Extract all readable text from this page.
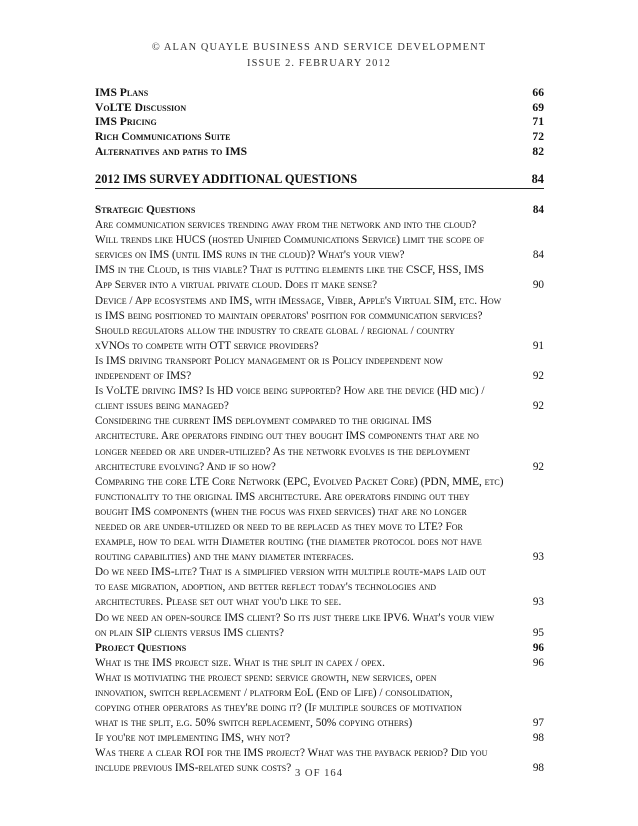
© ALAN QUAYLE BUSINESS AND SERVICE DEVELOPMENT
ISSUE 2. FEBRUARY 2012
IMS Plans	66
VoLTE Discussion	69
IMS Pricing	71
Rich Communications Suite	72
Alternatives and paths to IMS	82
2012 IMS SURVEY ADDITIONAL QUESTIONS	84
Strategic Questions	84
Are communication services trending away from the network and into the cloud?
Will trends like HUCS (hosted Unified Communications Service) limit the scope of
services on IMS (until IMS runs in the cloud)? What's your view?	84
IMS in the Cloud, is this viable? That is putting elements like the CSCF, HSS, IMS
App Server into a virtual private cloud. Does it make sense?	90
Device / App ecosystems and IMS, with iMessage, Viber, Apple's Virtual SIM, etc. How
is IMS being positioned to maintain operators' position for communication services?
Should regulators allow the industry to create global / regional / country
xVNOs to compete with OTT service providers?	91
Is IMS driving transport Policy management or is Policy independent now
independent of IMS?	92
Is VoLTE driving IMS? Is HD voice being supported? How are the device (HD mic) /
client issues being managed?	92
Considering the current IMS deployment compared to the original IMS
architecture. Are operators finding out they bought IMS components that are no
longer needed or are under-utilized? As the network evolves is the deployment
architecture evolving? And if so how?	92
Comparing the core LTE Core Network (EPC, Evolved Packet Core) (PDN, MME, etc)
functionality to the original IMS architecture. Are operators finding out they
bought IMS components (when the focus was fixed services) that are no longer
needed or are under-utilized or need to be replaced as they move to LTE? For
example, how to deal with Diameter routing (the diameter protocol does not have
routing capabilities) and the many diameter interfaces.	93
Do we need IMS-lite? That is a simplified version with multiple route-maps laid out
to ease migration, adoption, and better reflect today's technologies and
architectures. Please set out what you'd like to see.	93
Do we need an open-source IMS client? So its just there like IPV6. What's your view
on plain SIP clients versus IMS clients?	95
Project Questions	96
What is the IMS project size. What is the split in capex / opex.	96
What is motiviating the project spend: service growth, new services, open
innovation, switch replacement / platform EoL (End of Life) / consolidation,
copying other operators as they're doing it? (If multiple sources of motivation
what is the split, e.g. 50% switch replacement, 50% copying others)	97
If you're not implementing IMS, why not?	98
Was there a clear ROI for the IMS project? What was the payback period? Did you
include previous IMS-related sunk costs?	98
3 OF 164
